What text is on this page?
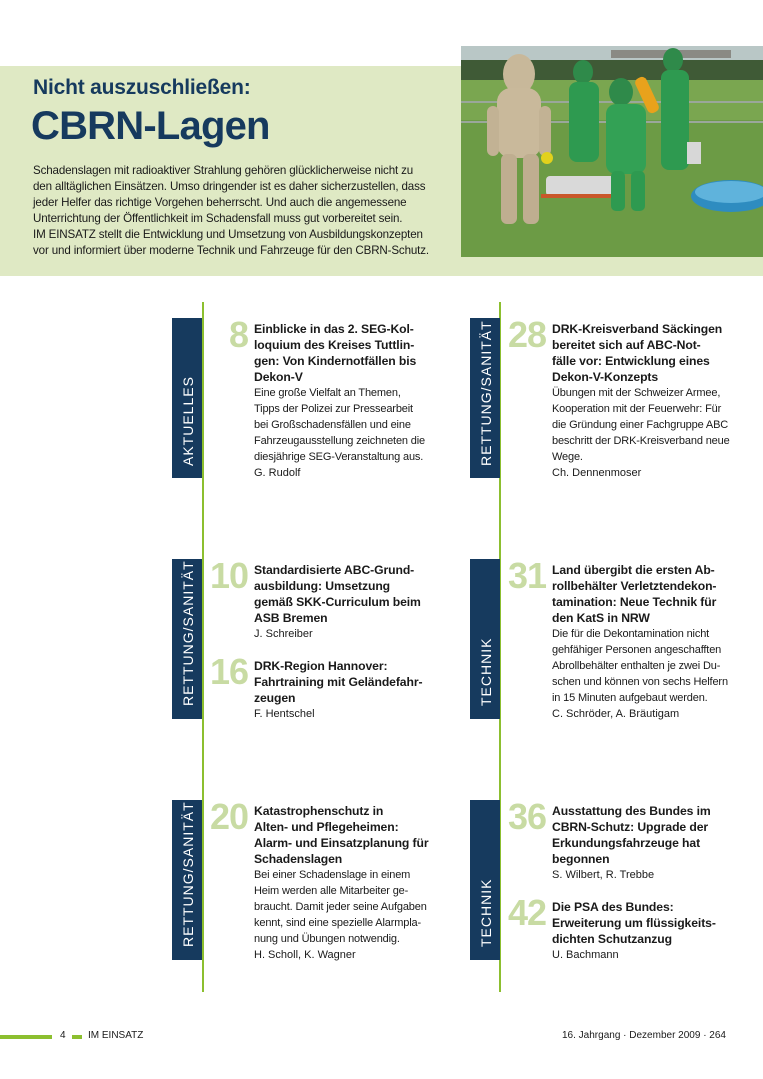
Nicht auszuschließen:
CBRN-Lagen
Schadenslagen mit radioaktiver Strahlung gehören glücklicherweise nicht zu
den alltäglichen Einsätzen. Umso dringender ist es daher sicherzustellen, dass
jeder Helfer das richtige Vorgehen beherrscht. Und auch die angemessene
Unterrichtung der Öffentlichkeit im Schadensfall muss gut vorbereitet sein.
IM EINSATZ stellt die Entwicklung und Umsetzung von Ausbildungskonzepten
vor und informiert über moderne Technik und Fahrzeuge für den CBRN-Schutz.
AKTUELLES
8 Einblicke in das 2. SEG-Kol-
loquium des Kreises Tuttlin-
gen: Von Kindernotfällen bis
Dekon-V
Eine große Vielfalt an Themen,
Tipps der Polizei zur Pressearbeit
bei Großschadensfällen und eine
Fahrzeugausstellung zeichneten die
diesjährige SEG-Veranstaltung aus.
G. Rudolf
RETTUNG/SANITÄT 28 DRK-Kreisverband Säckingen
bereitet sich auf ABC-Not-
fälle vor: Entwicklung eines
Dekon-V-Konzepts
Übungen mit der Schweizer Armee,
Kooperation mit der Feuerwehr: Für
die Gründung einer Fachgruppe ABC
beschritt der DRK-Kreisverband neue
Wege.
Ch. Dennenmoser
RETTUNG/SANITÄT 10 Standardisierte ABC-Grund-
ausbildung: Umsetzung
gemäß SKK-Curriculum beim
ASB Bremen
J. Schreiber
16 DRK-Region Hannover:
Fahrtraining mit Geländefahr-
zeugen
F. Hentschel
TECHNIK
31 Land übergibt die ersten Ab-
rollbehälter Verletztendekon-
tamination: Neue Technik für
den KatS in NRW
Die für die Dekontamination nicht
gehfähiger Personen angeschafften
Abrollbehälter enthalten je zwei Du-
schen und können von sechs Helfern
in 15 Minuten aufgebaut werden.
C. Schröder, A. Bräutigam
RETTUNG/SANITÄT 20 Katastrophenschutz in
Alten- und Pflegeheimen:
Alarm- und Einsatzplanung für
Schadenslagen
Bei einer Schadenslage in einem
Heim werden alle Mitarbeiter ge-
braucht. Damit jeder seine Aufgaben
kennt, sind eine spezielle Alarmpla-
nung und Übungen notwendig.
H. Scholl, K. Wagner
TECHNIK
36 Ausstattung des Bundes im
CBRN-Schutz: Upgrade der
Erkundungsfahrzeuge hat
begonnen
S. Wilbert, R. Trebbe
42 Die PSA des Bundes:
Erweiterung um flüssigkeits-
dichten Schutzanzug
U. Bachmann
4 IM EINSATZ	16. Jahrgang · Dezember 2009 · 264
